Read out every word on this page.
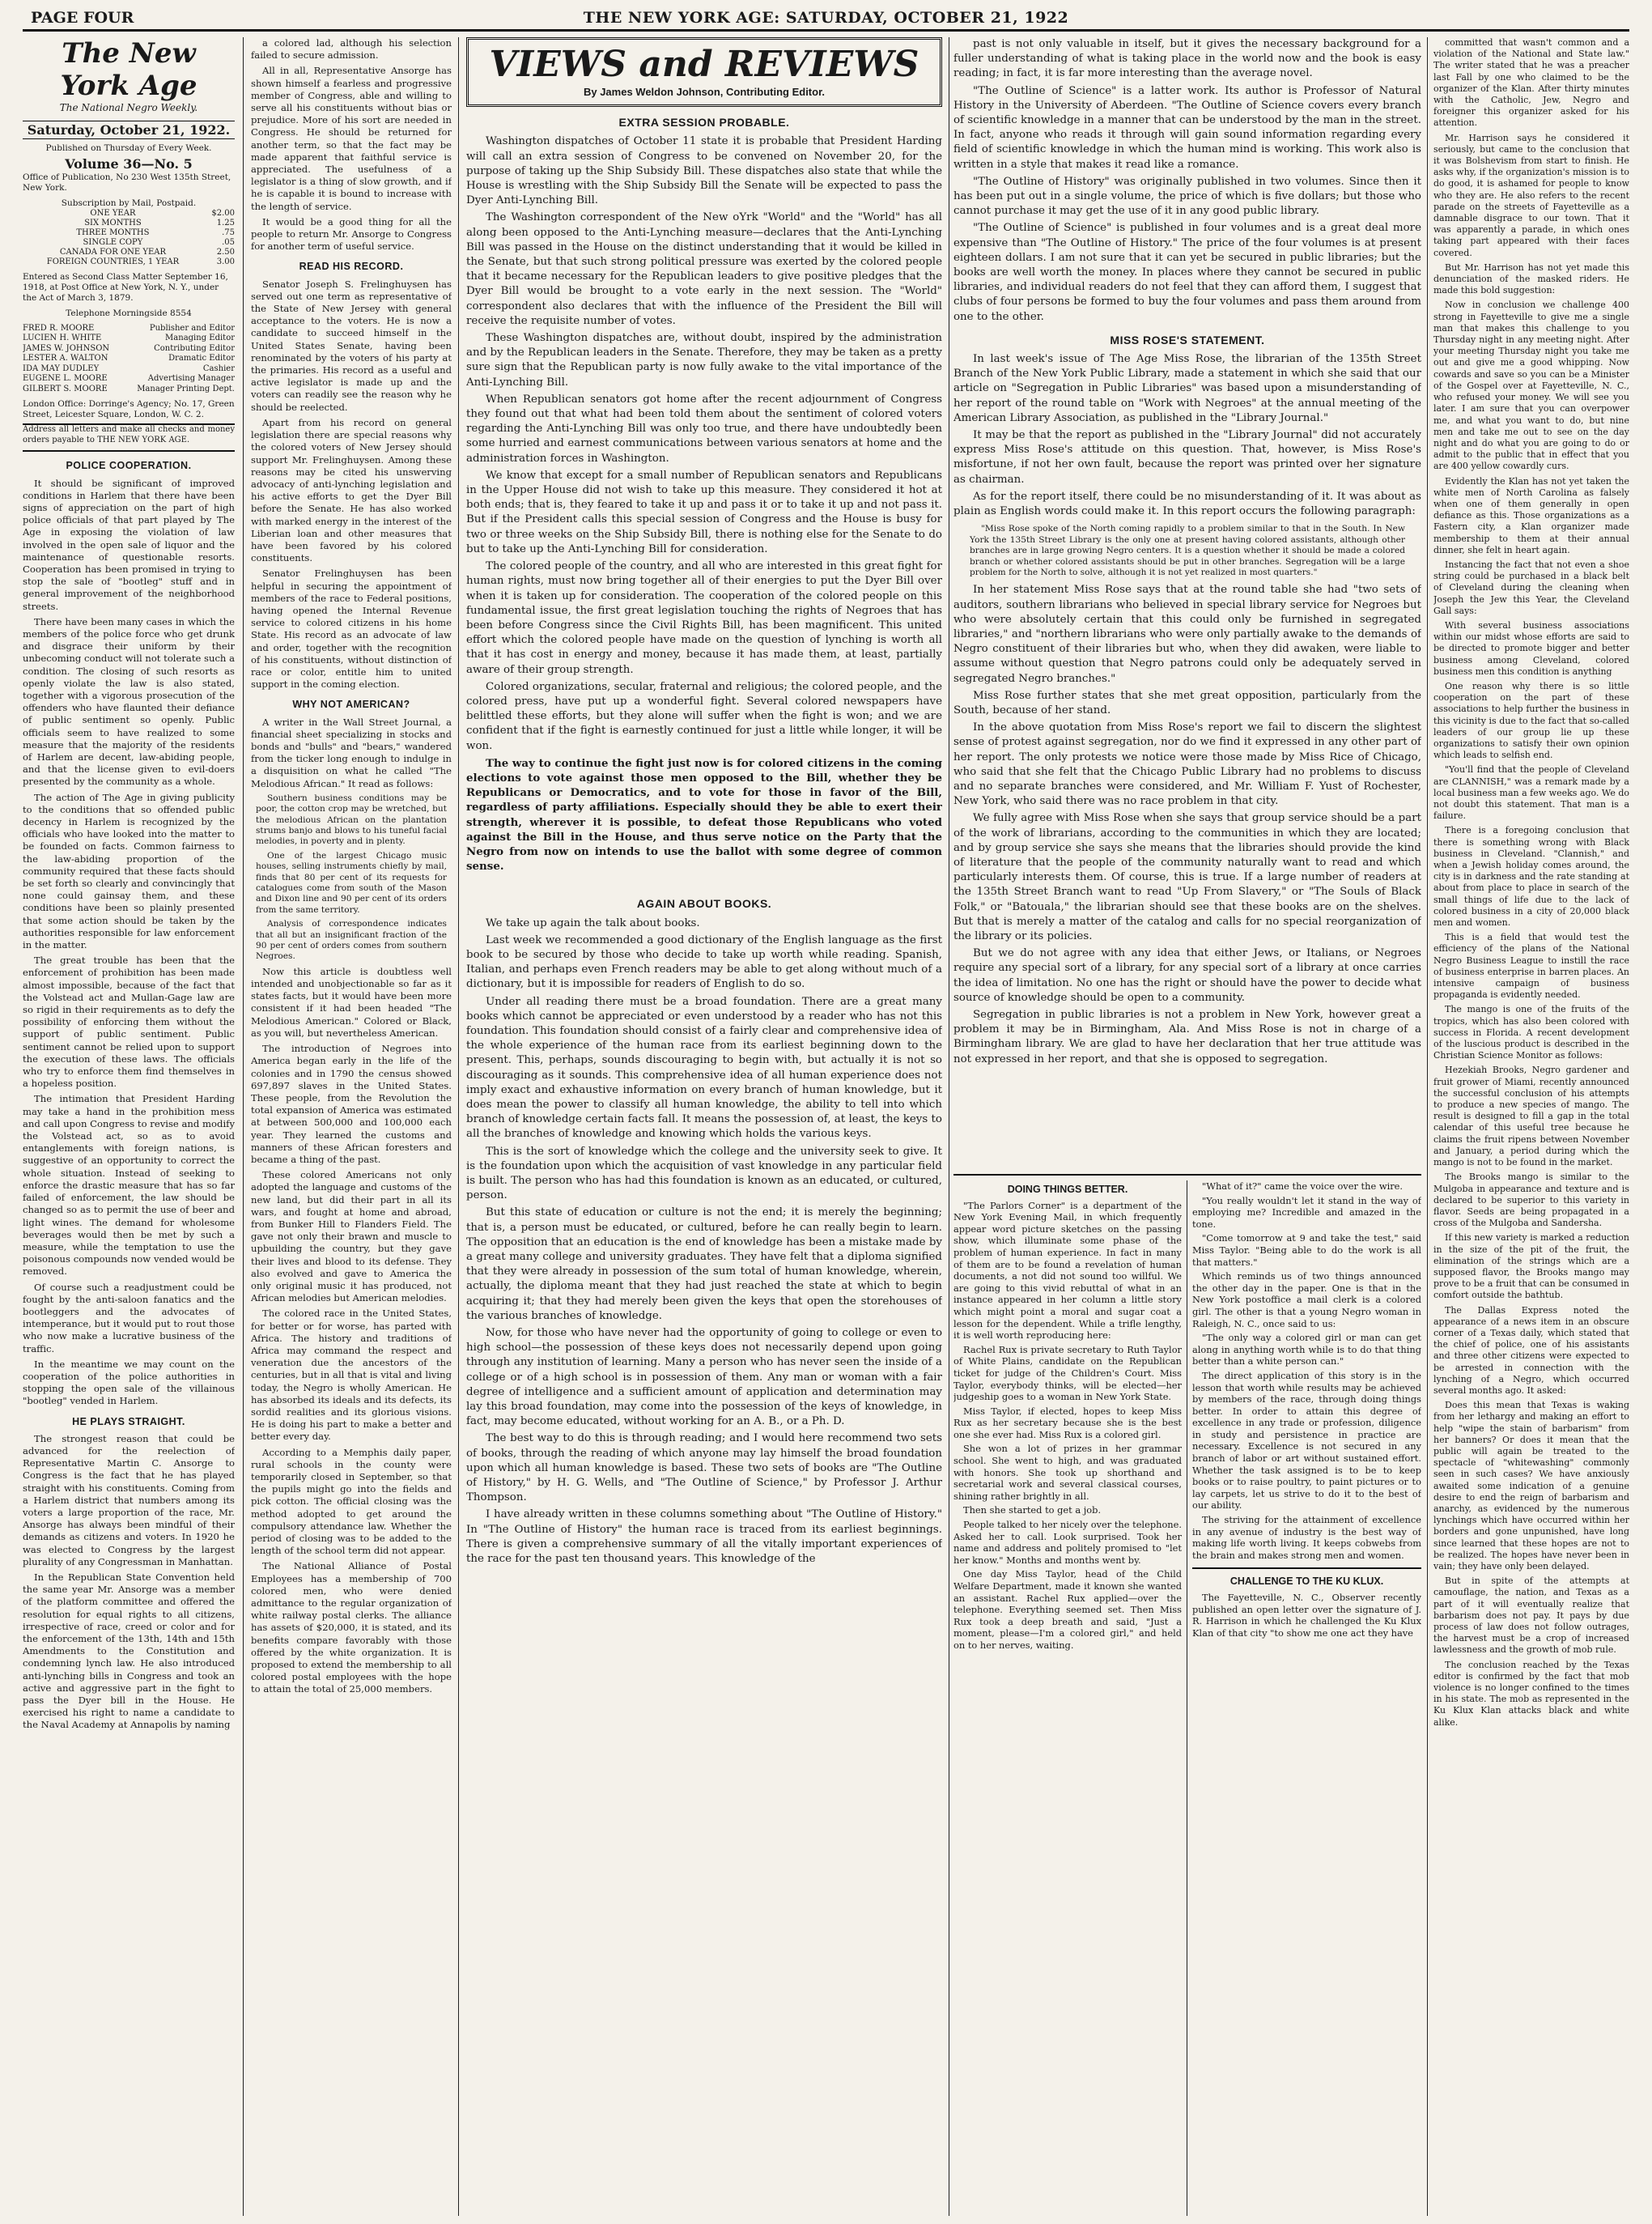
PAGE FOUR	THE NEW YORK AGE: SATURDAY, OCTOBER 21, 1922
The New York Age
The National Negro Weekly.
Saturday, October 21, 1922.
Published on Thursday of Every Week.
Volume 36—No. 5
Office of Publication, No 230 West 135th Street, New York.
Subscription by Mail, Postpaid.
ONE YEAR	$2.00
SIX MONTHS	1.25
THREE MONTHS	.75
SINGLE COPY	.05
CANADA FOR ONE YEAR	2.50
FOREIGN COUNTRIES, 1 YEAR	3.00
Entered as Second Class Matter September 16, 1918, at Post Office at New York, N. Y., under the Act of March 3, 1879.
Telephone Morningside 8554
FRED R. MOORE	Publisher and Editor
LUCIEN H. WHITE	Managing Editor
JAMES W. JOHNSON	Contributing Editor
LESTER A. WALTON	Dramatic Editor
IDA MAY DUDLEY	Cashier
EUGENE L. MOORE	Advertising Manager
GILBERT S. MOORE	Manager Printing Dept.
London Office: Dorringe's Agency; No. 17, Green Street, Leicester Square, London, W. C. 2.
Address all letters and make all checks and money orders payable to THE NEW YORK AGE.
POLICE COOPERATION.

It should be significant of improved conditions in Harlem that there have been signs of appreciation on the part of high police officials of that part played by The Age in exposing the violation of law involved in the open sale of liquor and the maintenance of questionable resorts. Cooperation has been promised in trying to stop the sale of "bootleg" stuff and in general improvement of the neighborhood streets.

There have been many cases in which the members of the police force who get drunk and disgrace their uniform by their unbecoming conduct will not tolerate such a condition. The closing of such resorts as openly violate the law is also stated, together with a vigorous prosecution of the offenders who have flaunted their defiance of public sentiment so openly. Public officials seem to have realized to some measure that the majority of the residents of Harlem are decent, law-abiding people, and that the license given to evil-doers presented by the community as a whole.

The action of The Age in giving publicity to the conditions that so offended public decency in Harlem is recognized by the officials who have looked into the matter to be founded on facts. Common fairness to the law-abiding proportion of the community required that these facts should be set forth so clearly and convincingly that none could gainsay them, and these conditions have been so plainly presented that some action should be taken by the authorities responsible for law enforcement in the matter.

The great trouble has been that the enforcement of prohibition has been made almost impossible, because of the fact that the Volstead act and Mullan-Gage law are so rigid in their requirements as to defy the possibility of enforcing them without the support of public sentiment. Public sentiment cannot be relied upon to support the execution of these laws. The officials who try to enforce them find themselves in a hopeless position.

The intimation that President Harding may take a hand in the prohibition mess and call upon Congress to revise and modify the Volstead act, so as to avoid entanglements with foreign nations, is suggestive of an opportunity to correct the whole situation. Instead of seeking to enforce the drastic measure that has so far failed of enforcement, the law should be changed so as to permit the use of beer and light wines. The demand for wholesome beverages would then be met by such a measure, while the temptation to use the poisonous compounds now vended would be removed.

Of course such a readjustment could be fought by the anti-saloon fanatics and the bootleggers and the advocates of intemperance, but it would put to rout those who now make a lucrative business of the traffic.

In the meantime we may count on the cooperation of the police authorities in stopping the open sale of the villainous "bootleg" vended in Harlem.

HE PLAYS STRAIGHT.

The strongest reason that could be advanced for the reelection of Representative Martin C. Ansorge to Congress is the fact that he has played straight with his constituents. Coming from a Harlem district that numbers among its voters a large proportion of the race, Mr. Ansorge has always been mindful of their demands as citizens and voters. In 1920 he was elected to Congress by the largest plurality of any Congressman in Manhattan.

In the Republican State Convention held the same year Mr. Ansorge was a member of the platform committee and offered the resolution for equal rights to all citizens, irrespective of race, creed or color and for the enforcement of the 13th, 14th and 15th Amendments to the Constitution and condemning lynch law. He also introduced anti-lynching bills in Congress and took an active and aggressive part in the fight to pass the Dyer bill in the House. He exercised his right to name a candidate to the Naval Academy at Annapolis by naming

a colored lad, although his selection failed to secure admission.

All in all, Representative Ansorge has shown himself a fearless and progressive member of Congress, able and willing to serve all his constituents without bias or prejudice. More of his sort are needed in Congress. He should be returned for another term, so that the fact may be made apparent that faithful service is appreciated. The usefulness of a legislator is a thing of slow growth, and if he is capable it is bound to increase with the length of service.

It would be a good thing for all the people to return Mr. Ansorge to Congress for another term of useful service.

READ HIS RECORD.

Senator Joseph S. Frelinghuysen has served out one term as representative of the State of New Jersey with general acceptance to the voters. He is now a candidate to succeed himself in the United States Senate, having been renominated by the voters of his party at the primaries. His record as a useful and active legislator is made up and the voters can readily see the reason why he should be reelected.

Apart from his record on general legislation there are special reasons why the colored voters of New Jersey should support Mr. Frelinghuysen. Among these reasons may be cited his unswerving advocacy of anti-lynching legislation and his active efforts to get the Dyer Bill before the Senate. He has also worked with marked energy in the interest of the Liberian loan and other measures that have been favored by his colored constituents.

Senator Frelinghuysen has been helpful in securing the appointment of members of the race to Federal positions, having opened the Internal Revenue service to colored citizens in his home State. His record as an advocate of law and order, together with the recognition of his constituents, without distinction of race or color, entitle him to united support in the coming election.

WHY NOT AMERICAN?

A writer in the Wall Street Journal, a financial sheet specializing in stocks and bonds and "bulls" and "bears," wandered from the ticker long enough to indulge in a disquisition on what he called "The Melodious African." It read as follows:

Southern business conditions may be poor, the cotton crop may be wretched, but the melodious African on the plantation strums banjo and blows to his tuneful facial melodies, in poverty and in plenty.

One of the largest Chicago music houses, selling instruments chiefly by mail, finds that 80 per cent of its requests for catalogues come from south of the Mason and Dixon line and 90 per cent of its orders from the same territory.

Analysis of correspondence indicates that all but an insignificant fraction of the 90 per cent of orders comes from southern Negroes.

Now this article is doubtless well intended and unobjectionable so far as it states facts, but it would have been more consistent if it had been headed "The Melodious American." Colored or Black, as you will, but nevertheless American.

The introduction of Negroes into America began early in the life of the colonies and in 1790 the census showed 697,897 slaves in the United States. These people, from the Revolution the total expansion of America was estimated at between 500,000 and 100,000 each year. They learned the customs and manners of these African foresters and became a thing of the past.

These colored Americans not only adopted the language and customs of the new land, but did their part in all its wars, and fought at home and abroad, from Bunker Hill to Flanders Field. The gave not only their brawn and muscle to upbuilding the country, but they gave their lives and blood to its defense. They also evolved and gave to America the only original music it has produced, not African melodies but American melodies.

The colored race in the United States, for better or for worse, has parted with Africa. The history and traditions of Africa may command the respect and veneration due the ancestors of the centuries, but in all that is vital and living today, the Negro is wholly American. He has absorbed its ideals and its defects, its sordid realities and its glorious visions. He is doing his part to make a better and better every day.

According to a Memphis daily paper, rural schools in the county were temporarily closed in September, so that the pupils might go into the fields and pick cotton. The official closing was the method adopted to get around the compulsory attendance law. Whether the period of closing was to be added to the length of the school term did not appear.

The National Alliance of Postal Employees has a membership of 700 colored men, who were denied admittance to the regular organization of white railway postal clerks. The alliance has assets of $20,000, it is stated, and its benefits compare favorably with those offered by the white organization. It is proposed to extend the membership to all colored postal employees with the hope to attain the total of 25,000 members.

VIEWS and REVIEWS
By James Weldon Johnson, Contributing Editor.
EXTRA SESSION PROBABLE.

Washington dispatches of October 11 state it is probable that President Harding will call an extra session of Congress to be convened on November 20, for the purpose of taking up the Ship Subsidy Bill. These dispatches also state that while the House is wrestling with the Ship Subsidy Bill the Senate will be expected to pass the Dyer Anti-Lynching Bill.

The Washington correspondent of the New oYrk "World" and the "World" has all along been opposed to the Anti-Lynching measure—declares that the Anti-Lynching Bill was passed in the House on the distinct understanding that it would be killed in the Senate, but that such strong political pressure was exerted by the colored people that it became necessary for the Republican leaders to give positive pledges that the Dyer Bill would be brought to a vote early in the next session. The "World" correspondent also declares that with the influence of the President the Bill will receive the requisite number of votes.

These Washington dispatches are, without doubt, inspired by the administration and by the Republican leaders in the Senate. Therefore, they may be taken as a pretty sure sign that the Republican party is now fully awake to the vital importance of the Anti-Lynching Bill.

When Republican senators got home after the recent adjournment of Congress they found out that what had been told them about the sentiment of colored voters regarding the Anti-Lynching Bill was only too true, and there have undoubtedly been some hurried and earnest communications between various senators at home and the administration forces in Washington.

We know that except for a small number of Republican senators and Republicans in the Upper House did not wish to take up this measure. They considered it hot at both ends; that is, they feared to take it up and pass it or to take it up and not pass it. But if the President calls this special session of Congress and the House is busy for two or three weeks on the Ship Subsidy Bill, there is nothing else for the Senate to do but to take up the Anti-Lynching Bill for consideration.

The colored people of the country, and all who are interested in this great fight for human rights, must now bring together all of their energies to put the Dyer Bill over when it is taken up for consideration. The cooperation of the colored people on this fundamental issue, the first great legislation touching the rights of Negroes that has been before Congress since the Civil Rights Bill, has been magnificent. This united effort which the colored people have made on the question of lynching is worth all that it has cost in energy and money, because it has made them, at least, partially aware of their group strength.

Colored organizations, secular, fraternal and religious; the colored people, and the colored press, have put up a wonderful fight. Several colored newspapers have belittled these efforts, but they alone will suffer when the fight is won; and we are confident that if the fight is earnestly continued for just a little while longer, it will be won.

The way to continue the fight just now is for colored citizens in the coming elections to vote against those men opposed to the Bill, whether they be Republicans or Democratics, and to vote for those in favor of the Bill, regardless of party affiliations. Especially should they be able to exert their strength, wherever it is possible, to defeat those Republicans who voted against the Bill in the House, and thus serve notice on the Party that the Negro from now on intends to use the ballot with some degree of common sense.

AGAIN ABOUT BOOKS.

We take up again the talk about books.

Last week we recommended a good dictionary of the English language as the first book to be secured by those who decide to take up worth while reading. Spanish, Italian, and perhaps even French readers may be able to get along without much of a dictionary, but it is impossible for readers of English to do so.

Under all reading there must be a broad foundation. There are a great many books which cannot be appreciated or even understood by a reader who has not this foundation. This foundation should consist of a fairly clear and comprehensive idea of the whole experience of the human race from its earliest beginning down to the present. This, perhaps, sounds discouraging to begin with, but actually it is not so discouraging as it sounds. This comprehensive idea of all human experience does not imply exact and exhaustive information on every branch of human knowledge, but it does mean the power to classify all human knowledge, the ability to tell into which branch of knowledge certain facts fall. It means the possession of, at least, the keys to all the branches of knowledge and knowing which holds the various keys.

This is the sort of knowledge which the college and the university seek to give. It is the foundation upon which the acquisition of vast knowledge in any particular field is built. The person who has had this foundation is known as an educated, or cultured, person.

But this state of education or culture is not the end; it is merely the beginning; that is, a person must be educated, or cultured, before he can really begin to learn. The opposition that an education is the end of knowledge has been a mistake made by a great many college and university graduates. They have felt that a diploma signified that they were already in possession of the sum total of human knowledge, wherein, actually, the diploma meant that they had just reached the state at which to begin acquiring it; that they had merely been given the keys that open the storehouses of the various branches of knowledge.

Now, for those who have never had the opportunity of going to college or even to high school—the possession of these keys does not necessarily depend upon going through any institution of learning. Many a person who has never seen the inside of a college or of a high school is in possession of them. Any man or woman with a fair degree of intelligence and a sufficient amount of application and determination may lay this broad foundation, may come into the possession of the keys of knowledge, in fact, may become educated, without working for an A. B., or a Ph. D.

The best way to do this is through reading; and I would here recommend two sets of books, through the reading of which anyone may lay himself the broad foundation upon which all human knowledge is based. These two sets of books are "The Outline of History," by H. G. Wells, and "The Outline of Science," by Professor J. Arthur Thompson.

I have already written in these columns something about "The Outline of History." In "The Outline of History" the human race is traced from its earliest beginnings. There is given a comprehensive summary of all the vitally important experiences of the race for the past ten thousand years. This knowledge of the

past is not only valuable in itself, but it gives the necessary background for a fuller understanding of what is taking place in the world now and the book is easy reading; in fact, it is far more interesting than the average novel.

"The Outline of Science" is a latter work. Its author is Professor of Natural History in the University of Aberdeen. "The Outline of Science covers every branch of scientific knowledge in a manner that can be understood by the man in the street. In fact, anyone who reads it through will gain sound information regarding every field of scientific knowledge in which the human mind is working. This work also is written in a style that makes it read like a romance.

"The Outline of History" was originally published in two volumes. Since then it has been put out in a single volume, the price of which is five dollars; but those who cannot purchase it may get the use of it in any good public library.

"The Outline of Science" is published in four volumes and is a great deal more expensive than "The Outline of History." The price of the four volumes is at present eighteen dollars. I am not sure that it can yet be secured in public libraries; but the books are well worth the money. In places where they cannot be secured in public libraries, and individual readers do not feel that they can afford them, I suggest that clubs of four persons be formed to buy the four volumes and pass them around from one to the other.

MISS ROSE'S STATEMENT.

In last week's issue of The Age Miss Rose, the librarian of the 135th Street Branch of the New York Public Library, made a statement in which she said that our article on "Segregation in Public Libraries" was based upon a misunderstanding of her report of the round table on "Work with Negroes" at the annual meeting of the American Library Association, as published in the "Library Journal."

It may be that the report as published in the "Library Journal" did not accurately express Miss Rose's attitude on this question. That, however, is Miss Rose's misfortune, if not her own fault, because the report was printed over her signature as chairman.

As for the report itself, there could be no misunderstanding of it. It was about as plain as English words could make it. In this report occurs the following paragraph:

"Miss Rose spoke of the North coming rapidly to a problem similar to that in the South. In New York the 135th Street Library is the only one at present having colored assistants, although other branches are in large growing Negro centers. It is a question whether it should be made a colored branch or whether colored assistants should be put in other branches. Segregation will be a large problem for the North to solve, although it is not yet realized in most quarters."

In her statement Miss Rose says that at the round table she had "two sets of auditors, southern librarians who believed in special library service for Negroes but who were absolutely certain that this could only be furnished in segregated libraries," and "northern librarians who were only partially awake to the demands of Negro constituent of their libraries but who, when they did awaken, were liable to assume without question that Negro patrons could only be adequately served in segregated Negro branches."

Miss Rose further states that she met great opposition, particularly from the South, because of her stand.

In the above quotation from Miss Rose's report we fail to discern the slightest sense of protest against segregation, nor do we find it expressed in any other part of her report. The only protests we notice were those made by Miss Rice of Chicago, who said that she felt that the Chicago Public Library had no problems to discuss and no separate branches were considered, and Mr. William F. Yust of Rochester, New York, who said there was no race problem in that city.

We fully agree with Miss Rose when she says that group service should be a part of the work of librarians, according to the communities in which they are located; and by group service she says she means that the libraries should provide the kind of literature that the people of the community naturally want to read and which particularly interests them. Of course, this is true. If a large number of readers at the 135th Street Branch want to read "Up From Slavery," or "The Souls of Black Folk," or "Batouala," the librarian should see that these books are on the shelves. But that is merely a matter of the catalog and calls for no special reorganization of the library or its policies.

But we do not agree with any idea that either Jews, or Italians, or Negroes require any special sort of a library, for any special sort of a library at once carries the idea of limitation. No one has the right or should have the power to decide what source of knowledge should be open to a community.

Segregation in public libraries is not a problem in New York, however great a problem it may be in Birmingham, Ala. And Miss Rose is not in charge of a Birmingham library. We are glad to have her declaration that her true attitude was not expressed in her report, and that she is opposed to segregation.

DOING THINGS BETTER.

"The Parlors Corner" is a department of the New York Evening Mail, in which frequently appear word picture sketches on the passing show, which illuminate some phase of the problem of human experience. In fact in many of them are to be found a revelation of human documents, a not did not sound too willful. We are going to this vivid rebuttal of what in an instance appeared in her column a little story which might point a moral and sugar coat a lesson for the dependent. While a trifle lengthy, it is well worth reproducing here:

Rachel Rux is private secretary to Ruth Taylor of White Plains, candidate on the Republican ticket for judge of the Children's Court. Miss Taylor, everybody thinks, will be elected—her judgeship goes to a woman in New York State.

Miss Taylor, if elected, hopes to keep Miss Rux as her secretary because she is the best one she ever had. Miss Rux is a colored girl.

She won a lot of prizes in her grammar school. She went to high, and was graduated with honors. She took up shorthand and secretarial work and several classical courses, shining rather brightly in all.

Then she started to get a job.

People talked to her nicely over the telephone. Asked her to call. Look surprised. Took her name and address and politely promised to "let her know." Months and months went by.

One day Miss Taylor, head of the Child Welfare Department, made it known she wanted an assistant. Rachel Rux applied—over the telephone. Everything seemed set. Then Miss Rux took a deep breath and said, "Just a moment, please—I'm a colored girl," and held on to her nerves, waiting.

"What of it?" came the voice over the wire.

"You really wouldn't let it stand in the way of employing me? Incredible and amazed in the tone.

"Come tomorrow at 9 and take the test," said Miss Taylor. "Being able to do the work is all that matters."

Which reminds us of two things announced the other day in the paper. One is that in the New York postoffice a mail clerk is a colored girl. The other is that a young Negro woman in Raleigh, N. C., once said to us:

"The only way a colored girl or man can get along in anything worth while is to do that thing better than a white person can."

The direct application of this story is in the lesson that worth while results may be achieved by members of the race, through doing things better. In order to attain this degree of excellence in any trade or profession, diligence in study and persistence in practice are necessary. Excellence is not secured in any branch of labor or art without sustained effort. Whether the task assigned is to be to keep books or to raise poultry, to paint pictures or to lay carpets, let us strive to do it to the best of our ability.

The striving for the attainment of excellence in any avenue of industry is the best way of making life worth living. It keeps cobwebs from the brain and makes strong men and women.

CHALLENGE TO THE KU KLUX.

The Fayetteville, N. C., Observer recently published an open letter over the signature of J. R. Harrison in which he challenged the Ku Klux Klan of that city "to show me one act they have

committed that wasn't common and a violation of the National and State law." The writer stated that he was a preacher last Fall by one who claimed to be the organizer of the Klan. After thirty minutes with the Catholic, Jew, Negro and foreigner this organizer asked for his attention.

Mr. Harrison says he considered it seriously, but came to the conclusion that it was Bolshevism from start to finish. He asks why, if the organization's mission is to do good, it is ashamed for people to know who they are. He also refers to the recent parade on the streets of Fayetteville as a damnable disgrace to our town. That it was apparently a parade, in which ones taking part appeared with their faces covered.

But Mr. Harrison has not yet made this denunciation of the masked riders. He made this bold suggestion:

Now in conclusion we challenge 400 strong in Fayetteville to give me a single man that makes this challenge to you Thursday night in any meeting night. After your meeting Thursday night you take me out and give me a good whipping. Now cowards and save so you can be a Minister of the Gospel over at Fayetteville, N. C., who refused your money. We will see you later. I am sure that you can overpower me, and what you want to do, but nine men and take me out to see on the day night and do what you are going to do or admit to the public that in effect that you are 400 yellow cowardly curs.

Evidently the Klan has not yet taken the white men of North Carolina as falsely when one of them generally in open defiance as this. Those organizations as a Fastern city, a Klan organizer made membership to them at their annual dinner, she felt in heart again.

Instancing the fact that not even a shoe string could be purchased in a black belt of Cleveland during the cleaning when Joseph the Jew this Year, the Cleveland Gall says:

With several business associations within our midst whose efforts are said to be directed to promote bigger and better business among Cleveland, colored business men this condition is anything

One reason why there is so little cooperation on the part of these associations to help further the business in this vicinity is due to the fact that so-called leaders of our group lie up these organizations to satisfy their own opinion which leads to selfish end.

"You'll find that the people of Cleveland are CLANNISH," was a remark made by a local business man a few weeks ago. We do not doubt this statement. That man is a failure.

There is a foregoing conclusion that there is something wrong with Black business in Cleveland. "Clannish," and when a Jewish holiday comes around, the city is in darkness and the rate standing at about from place to place in search of the small things of life due to the lack of colored business in a city of 20,000 black men and women.

This is a field that would test the efficiency of the plans of the National Negro Business League to instill the race of business enterprise in barren places. An intensive campaign of business propaganda is evidently needed.

The mango is one of the fruits of the tropics, which has also been colored with success in Florida. A recent development of the luscious product is described in the Christian Science Monitor as follows:

Hezekiah Brooks, Negro gardener and fruit grower of Miami, recently announced the successful conclusion of his attempts to produce a new species of mango. The result is designed to fill a gap in the total calendar of this useful tree because he claims the fruit ripens between November and January, a period during which the mango is not to be found in the market.

The Brooks mango is similar to the Mulgoba in appearance and texture and is declared to be superior to this variety in flavor. Seeds are being propagated in a cross of the Mulgoba and Sandersha.

If this new variety is marked a reduction in the size of the pit of the fruit, the elimination of the strings which are a supposed flavor, the Brooks mango may prove to be a fruit that can be consumed in comfort outside the bathtub.

The Dallas Express noted the appearance of a news item in an obscure corner of a Texas daily, which stated that the chief of police, one of his assistants and three other citizens were expected to be arrested in connection with the lynching of a Negro, which occurred several months ago. It asked:

Does this mean that Texas is waking from her lethargy and making an effort to help "wipe the stain of barbarism" from her banners? Or does it mean that the public will again be treated to the spectacle of "whitewashing" commonly seen in such cases? We have anxiously awaited some indication of a genuine desire to end the reign of barbarism and anarchy, as evidenced by the numerous lynchings which have occurred within her borders and gone unpunished, have long since learned that these hopes are not to be realized. The hopes have never been in vain; they have only been delayed.

But in spite of the attempts at camouflage, the nation, and Texas as a part of it will eventually realize that barbarism does not pay. It pays by due process of law does not follow outrages, the harvest must be a crop of increased lawlessness and the growth of mob rule.

The conclusion reached by the Texas editor is confirmed by the fact that mob violence is no longer confined to the times in his state. The mob as represented in the Ku Klux Klan attacks black and white alike.
